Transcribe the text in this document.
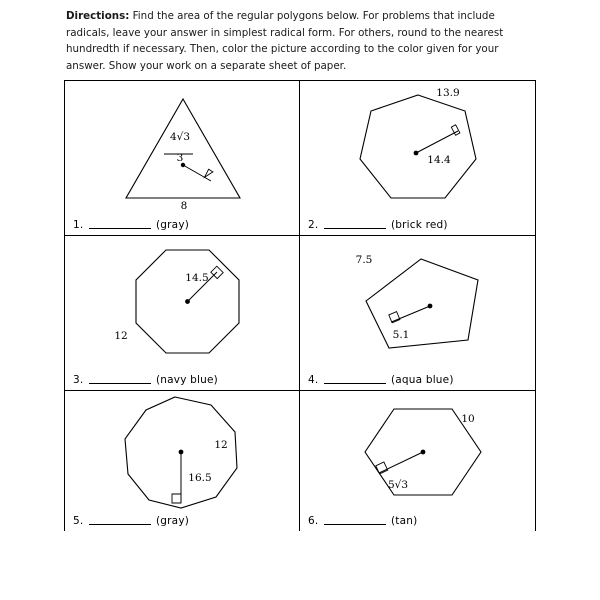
Directions: Find the area of the regular polygons below. For problems that include radicals, leave your answer in simplest radical form. For others, round to the nearest hundredth if necessary. Then, color the picture according to the color given for your answer. Show your work on a separate sheet of paper.
4√3
3
8
1.	(gray)
13.9
14.4
2.	(brick red)
14.5
12
3.	(navy blue)
7.5
5.1
4.	(aqua blue)
12
16.5
5.	(gray)
10
5√3
6.	(tan)
